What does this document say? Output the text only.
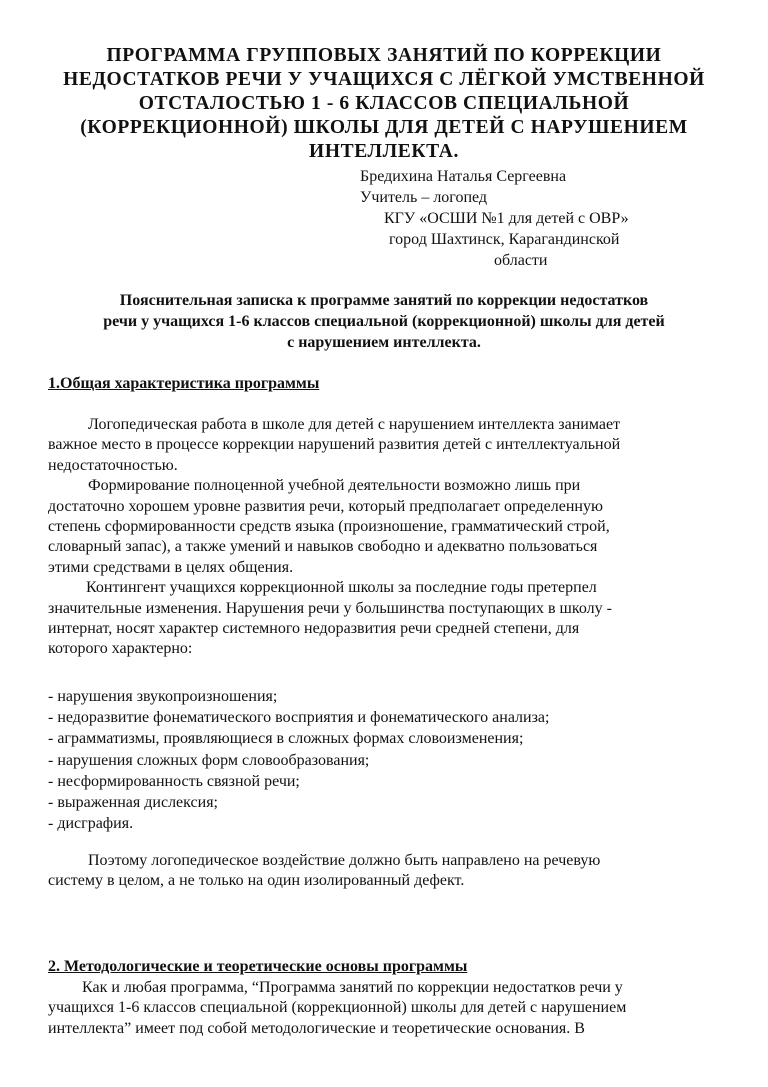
ПРОГРАММА ГРУППОВЫХ ЗАНЯТИЙ ПО КОРРЕКЦИИ
НЕДОСТАТКОВ РЕЧИ У УЧАЩИХСЯ С ЛЁГКОЙ УМСТВЕННОЙ
ОТСТАЛОСТЬЮ 1 - 6 КЛАССОВ СПЕЦИАЛЬНОЙ
(КОРРЕКЦИОННОЙ) ШКОЛЫ ДЛЯ ДЕТЕЙ С НАРУШЕНИЕМ
ИНТЕЛЛЕКТА.
Бредихина Наталья Сергеевна
Учитель – логопед
КГУ «ОСШИ №1 для детей с ОВР»
город Шахтинск, Карагандинской
области
Пояснительная записка к программе занятий по коррекции недостатков
речи у учащихся 1-6 классов специальной (коррекционной) школы для детей
с нарушением интеллекта.
1.Общая характеристика программы
Логопедическая работа в школе для детей с нарушением интеллекта занимает
важное место в процессе коррекции нарушений развития детей с интеллектуальной
недостаточностью.
Формирование полноценной учебной деятельности возможно лишь при
достаточно хорошем уровне развития речи, который предполагает определенную
степень сформированности средств языка (произношение, грамматический строй,
словарный запас), а также умений и навыков свободно и адекватно пользоваться
этими средствами в целях общения.
Контингент учащихся коррекционной школы за последние годы претерпел
значительные изменения. Нарушения речи у большинства поступающих в школу -
интернат, носят характер системного недоразвития речи средней степени, для
которого характерно:
- нарушения звукопроизношения;
- недоразвитие фонематического восприятия и фонематического анализа;
- аграмматизмы, проявляющиеся в сложных формах словоизменения;
- нарушения сложных форм словообразования;
- несформированность связной речи;
- выраженная дислексия;
- дисграфия.
Поэтому логопедическое воздействие должно быть направлено на речевую
систему в целом, а не только на один изолированный дефект.
2. Методологические и теоретические основы программы
Как и любая программа, “Программа занятий по коррекции недостатков речи у
учащихся 1-6 классов специальной (коррекционной) школы для детей с нарушением
интеллекта” имеет под собой методологические и теоретические основания. В
